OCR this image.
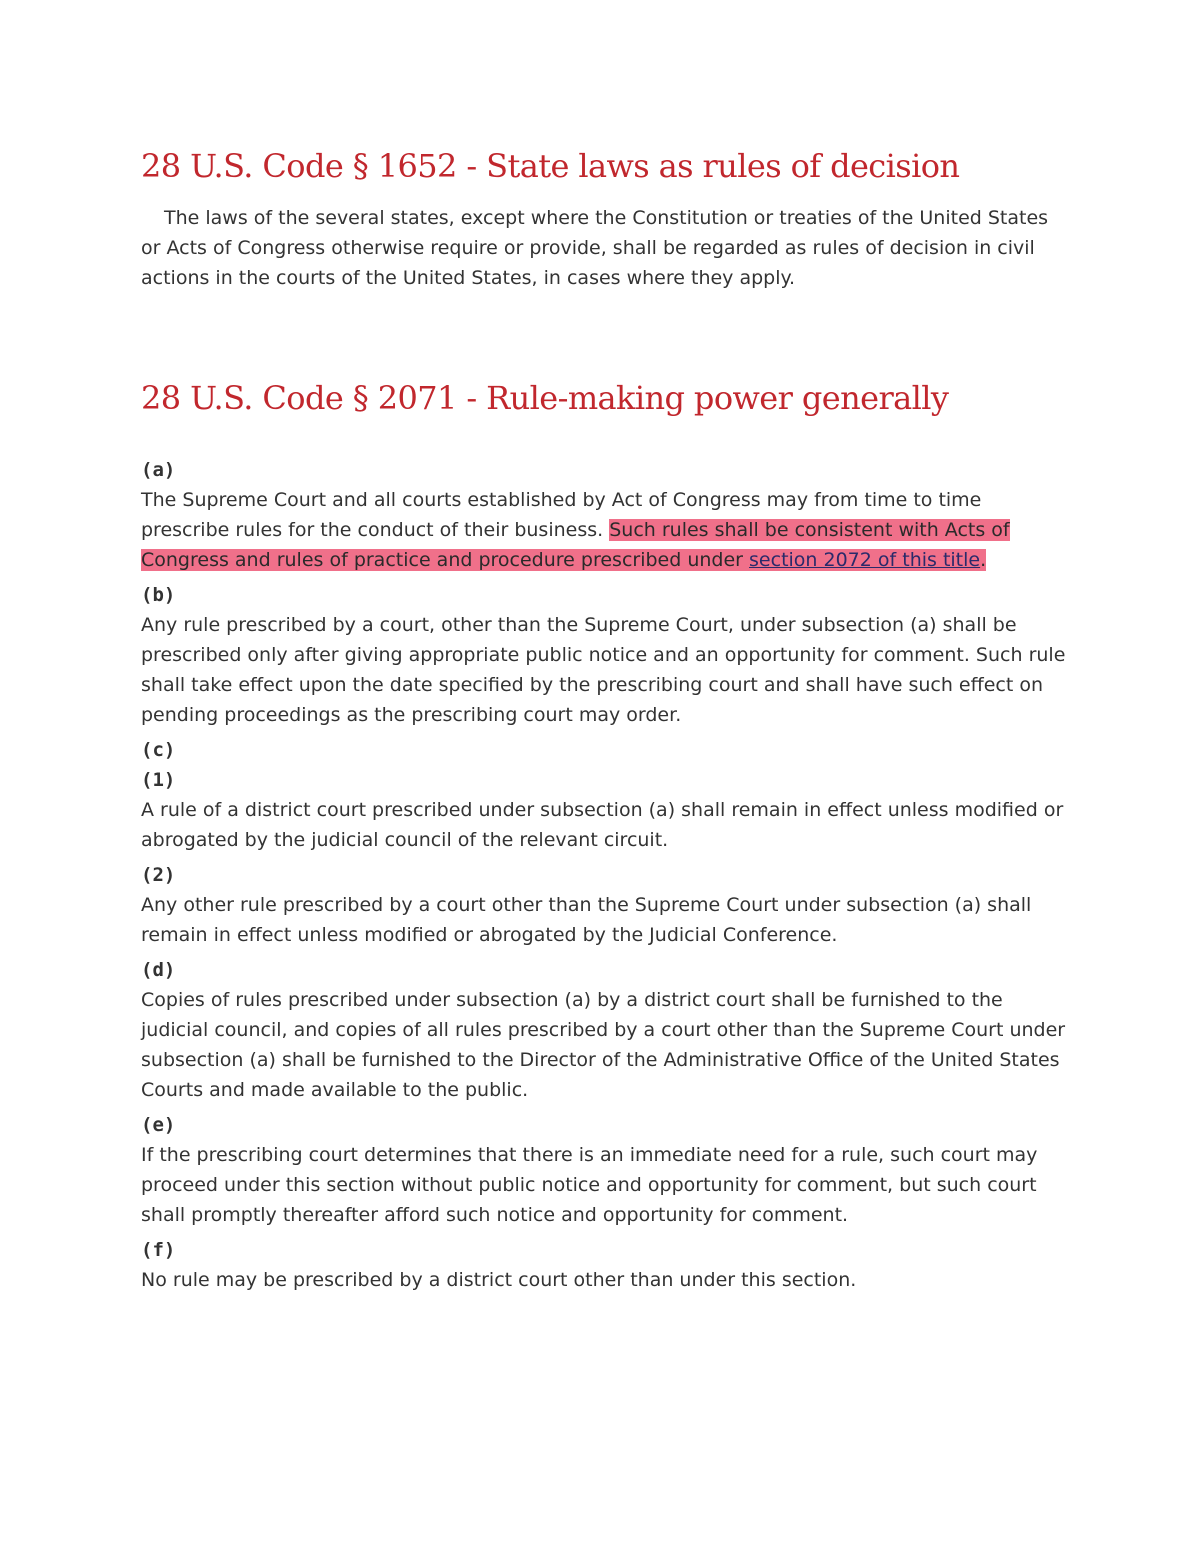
28 U.S. Code § 1652 - State laws as rules of decision

The laws of the several states, except where the Constitution or treaties of the United States or Acts of Congress otherwise require or provide, shall be regarded as rules of decision in civil actions in the courts of the United States, in cases where they apply.

28 U.S. Code § 2071 - Rule-making power generally

(a)

The Supreme Court and all courts established by Act of Congress may from time to time prescribe rules for the conduct of their business. Such rules shall be consistent with Acts of Congress and rules of practice and procedure prescribed under section 2072 of this title.

(b)

Any rule prescribed by a court, other than the Supreme Court, under subsection (a) shall be prescribed only after giving appropriate public notice and an opportunity for comment. Such rule shall take effect upon the date specified by the prescribing court and shall have such effect on pending proceedings as the prescribing court may order.

(c)

(1)

A rule of a district court prescribed under subsection (a) shall remain in effect unless modified or abrogated by the judicial council of the relevant circuit.

(2)

Any other rule prescribed by a court other than the Supreme Court under subsection (a) shall remain in effect unless modified or abrogated by the Judicial Conference.

(d)

Copies of rules prescribed under subsection (a) by a district court shall be furnished to the judicial council, and copies of all rules prescribed by a court other than the Supreme Court under subsection (a) shall be furnished to the Director of the Administrative Office of the United States Courts and made available to the public.

(e)

If the prescribing court determines that there is an immediate need for a rule, such court may proceed under this section without public notice and opportunity for comment, but such court shall promptly thereafter afford such notice and opportunity for comment.

(f)

No rule may be prescribed by a district court other than under this section.
